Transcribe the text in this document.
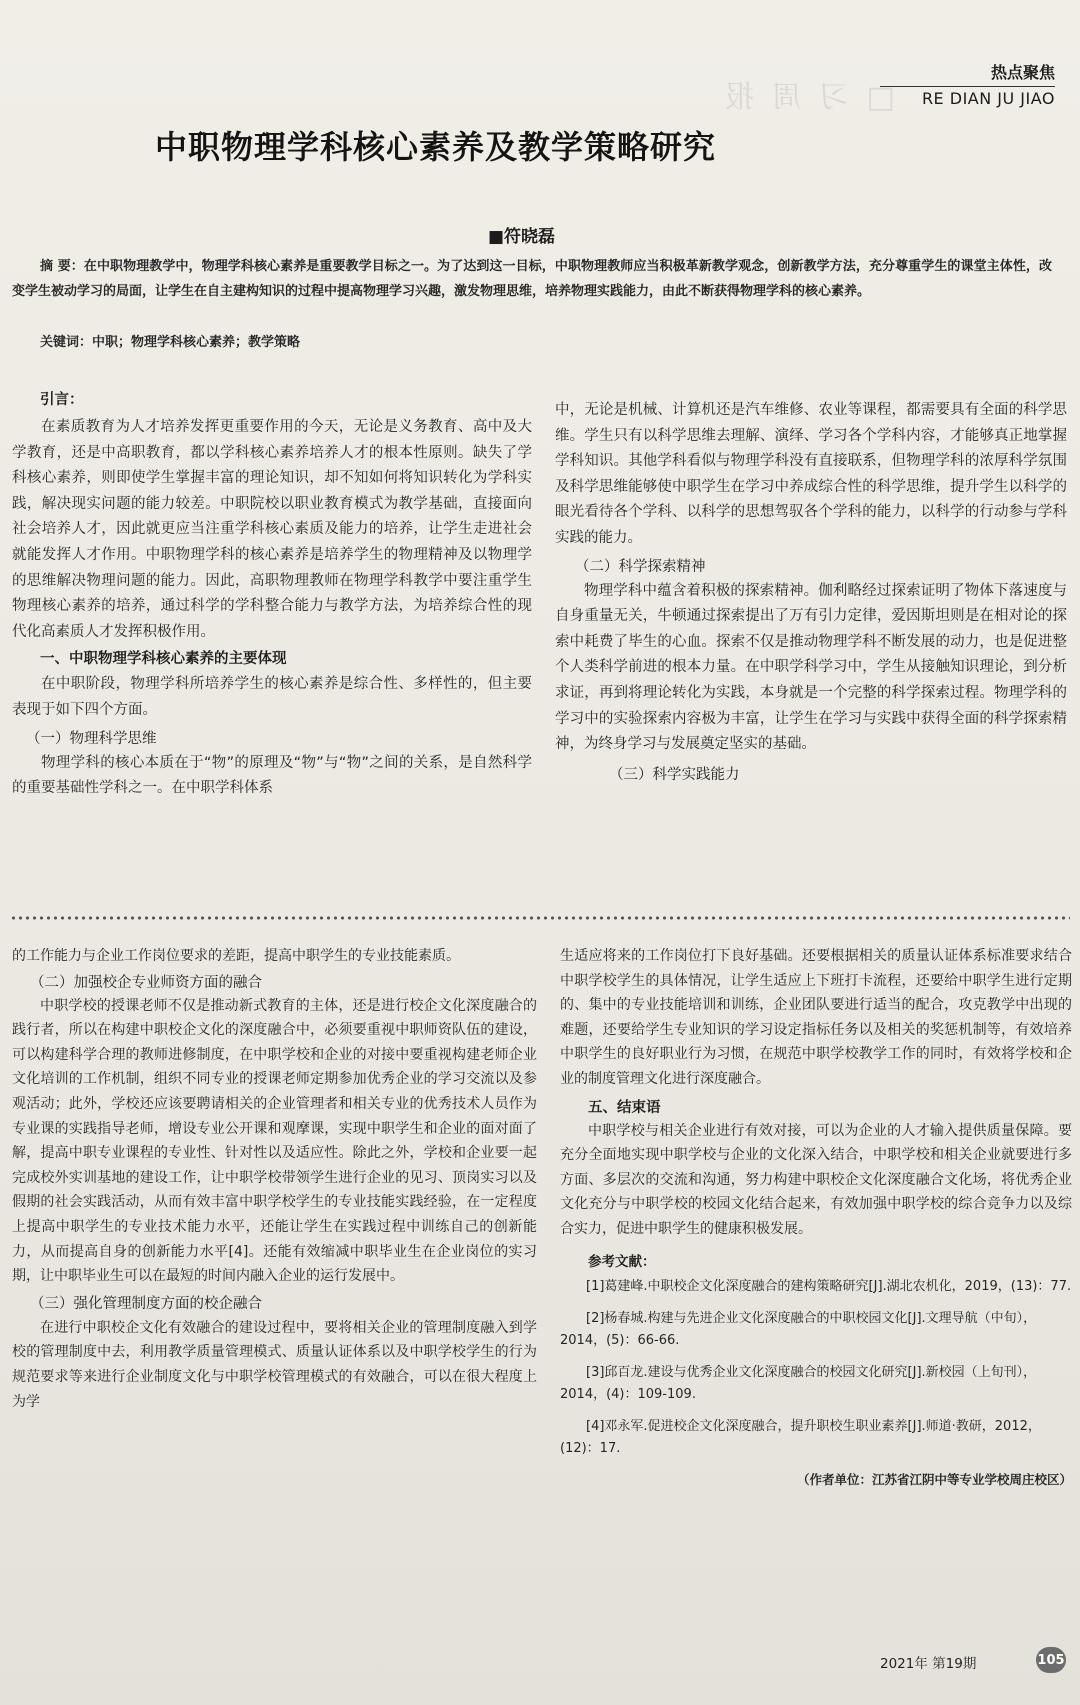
□ 习 周 报
热点聚焦
RE DIAN JU JIAO
中职物理学科核心素养及教学策略研究
■符晓磊
摘 要：在中职物理教学中，物理学科核心素养是重要教学目标之一。为了达到这一目标，中职物理教师应当积极革新教学观念，创新教学方法，充分尊重学生的课堂主体性，改变学生被动学习的局面，让学生在自主建构知识的过程中提高物理学习兴趣，激发物理思维，培养物理实践能力，由此不断获得物理学科的核心素养。
关键词：中职；物理学科核心素养；教学策略
引言：

在素质教育为人才培养发挥更重要作用的今天，无论是义务教育、高中及大学教育，还是中高职教育，都以学科核心素养培养人才的根本性原则。缺失了学科核心素养，则即使学生掌握丰富的理论知识，却不知如何将知识转化为学科实践，解决现实问题的能力较差。中职院校以职业教育模式为教学基础，直接面向社会培养人才，因此就更应当注重学科核心素质及能力的培养，让学生走进社会就能发挥人才作用。中职物理学科的核心素养是培养学生的物理精神及以物理学的思维解决物理问题的能力。因此，高职物理教师在物理学科教学中要注重学生物理核心素养的培养，通过科学的学科整合能力与教学方法，为培养综合性的现代化高素质人才发挥积极作用。

一、中职物理学科核心素养的主要体现

在中职阶段，物理学科所培养学生的核心素养是综合性、多样性的，但主要表现于如下四个方面。

（一）物理科学思维

物理学科的核心本质在于“物”的原理及“物”与“物”之间的关系，是自然科学的重要基础性学科之一。在中职学科体系

中，无论是机械、计算机还是汽车维修、农业等课程，都需要具有全面的科学思维。学生只有以科学思维去理解、演绎、学习各个学科内容，才能够真正地掌握学科知识。其他学科看似与物理学科没有直接联系，但物理学科的浓厚科学氛围及科学思维能够使中职学生在学习中养成综合性的科学思维，提升学生以科学的眼光看待各个学科、以科学的思想驾驭各个学科的能力，以科学的行动参与学科实践的能力。

（二）科学探索精神

物理学科中蕴含着积极的探索精神。伽利略经过探索证明了物体下落速度与自身重量无关，牛顿通过探索提出了万有引力定律，爱因斯坦则是在相对论的探索中耗费了毕生的心血。探索不仅是推动物理学科不断发展的动力，也是促进整个人类科学前进的根本力量。在中职学科学习中，学生从接触知识理论，到分析求证，再到将理论转化为实践，本身就是一个完整的科学探索过程。物理学科的学习中的实验探索内容极为丰富，让学生在学习与实践中获得全面的科学探索精神，为终身学习与发展奠定坚实的基础。

（三）科学实践能力

的工作能力与企业工作岗位要求的差距，提高中职学生的专业技能素质。

（二）加强校企专业师资方面的融合

中职学校的授课老师不仅是推动新式教育的主体，还是进行校企文化深度融合的践行者，所以在构建中职校企文化的深度融合中，必须要重视中职师资队伍的建设，可以构建科学合理的教师进修制度，在中职学校和企业的对接中要重视构建老师企业文化培训的工作机制，组织不同专业的授课老师定期参加优秀企业的学习交流以及参观活动；此外，学校还应该要聘请相关的企业管理者和相关专业的优秀技术人员作为专业课的实践指导老师，增设专业公开课和观摩课，实现中职学生和企业的面对面了解，提高中职专业课程的专业性、针对性以及适应性。除此之外，学校和企业要一起完成校外实训基地的建设工作，让中职学校带领学生进行企业的见习、顶岗实习以及假期的社会实践活动，从而有效丰富中职学校学生的专业技能实践经验，在一定程度上提高中职学生的专业技术能力水平，还能让学生在实践过程中训练自己的创新能力，从而提高自身的创新能力水平[4]。还能有效缩减中职毕业生在企业岗位的实习期，让中职毕业生可以在最短的时间内融入企业的运行发展中。

（三）强化管理制度方面的校企融合

在进行中职校企文化有效融合的建设过程中，要将相关企业的管理制度融入到学校的管理制度中去，利用教学质量管理模式、质量认证体系以及中职学校学生的行为规范要求等来进行企业制度文化与中职学校管理模式的有效融合，可以在很大程度上为学

生适应将来的工作岗位打下良好基础。还要根据相关的质量认证体系标准要求结合中职学校学生的具体情况，让学生适应上下班打卡流程，还要给中职学生进行定期的、集中的专业技能培训和训练，企业团队要进行适当的配合，攻克教学中出现的难题，还要给学生专业知识的学习设定指标任务以及相关的奖惩机制等，有效培养中职学生的良好职业行为习惯，在规范中职学校教学工作的同时，有效将学校和企业的制度管理文化进行深度融合。

五、结束语

中职学校与相关企业进行有效对接，可以为企业的人才输入提供质量保障。要充分全面地实现中职学校与企业的文化深入结合，中职学校和相关企业就要进行多方面、多层次的交流和沟通，努力构建中职校企文化深度融合文化场，将优秀企业文化充分与中职学校的校园文化结合起来，有效加强中职学校的综合竞争力以及综合实力，促进中职学生的健康积极发展。

参考文献：

[1]葛建峰.中职校企文化深度融合的建构策略研究[J].湖北农机化，2019，(13)：77.

[2]杨春城.构建与先进企业文化深度融合的中职校园文化[J].文理导航（中旬），2014，(5)：66-66.

[3]邱百龙.建设与优秀企业文化深度融合的校园文化研究[J].新校园（上旬刊），2014，(4)：109-109.

[4]邓永军.促进校企文化深度融合，提升职校生职业素养[J].师道·教研，2012，(12)：17.

（作者单位：江苏省江阴中等专业学校周庄校区）
2021年 第19期	105
